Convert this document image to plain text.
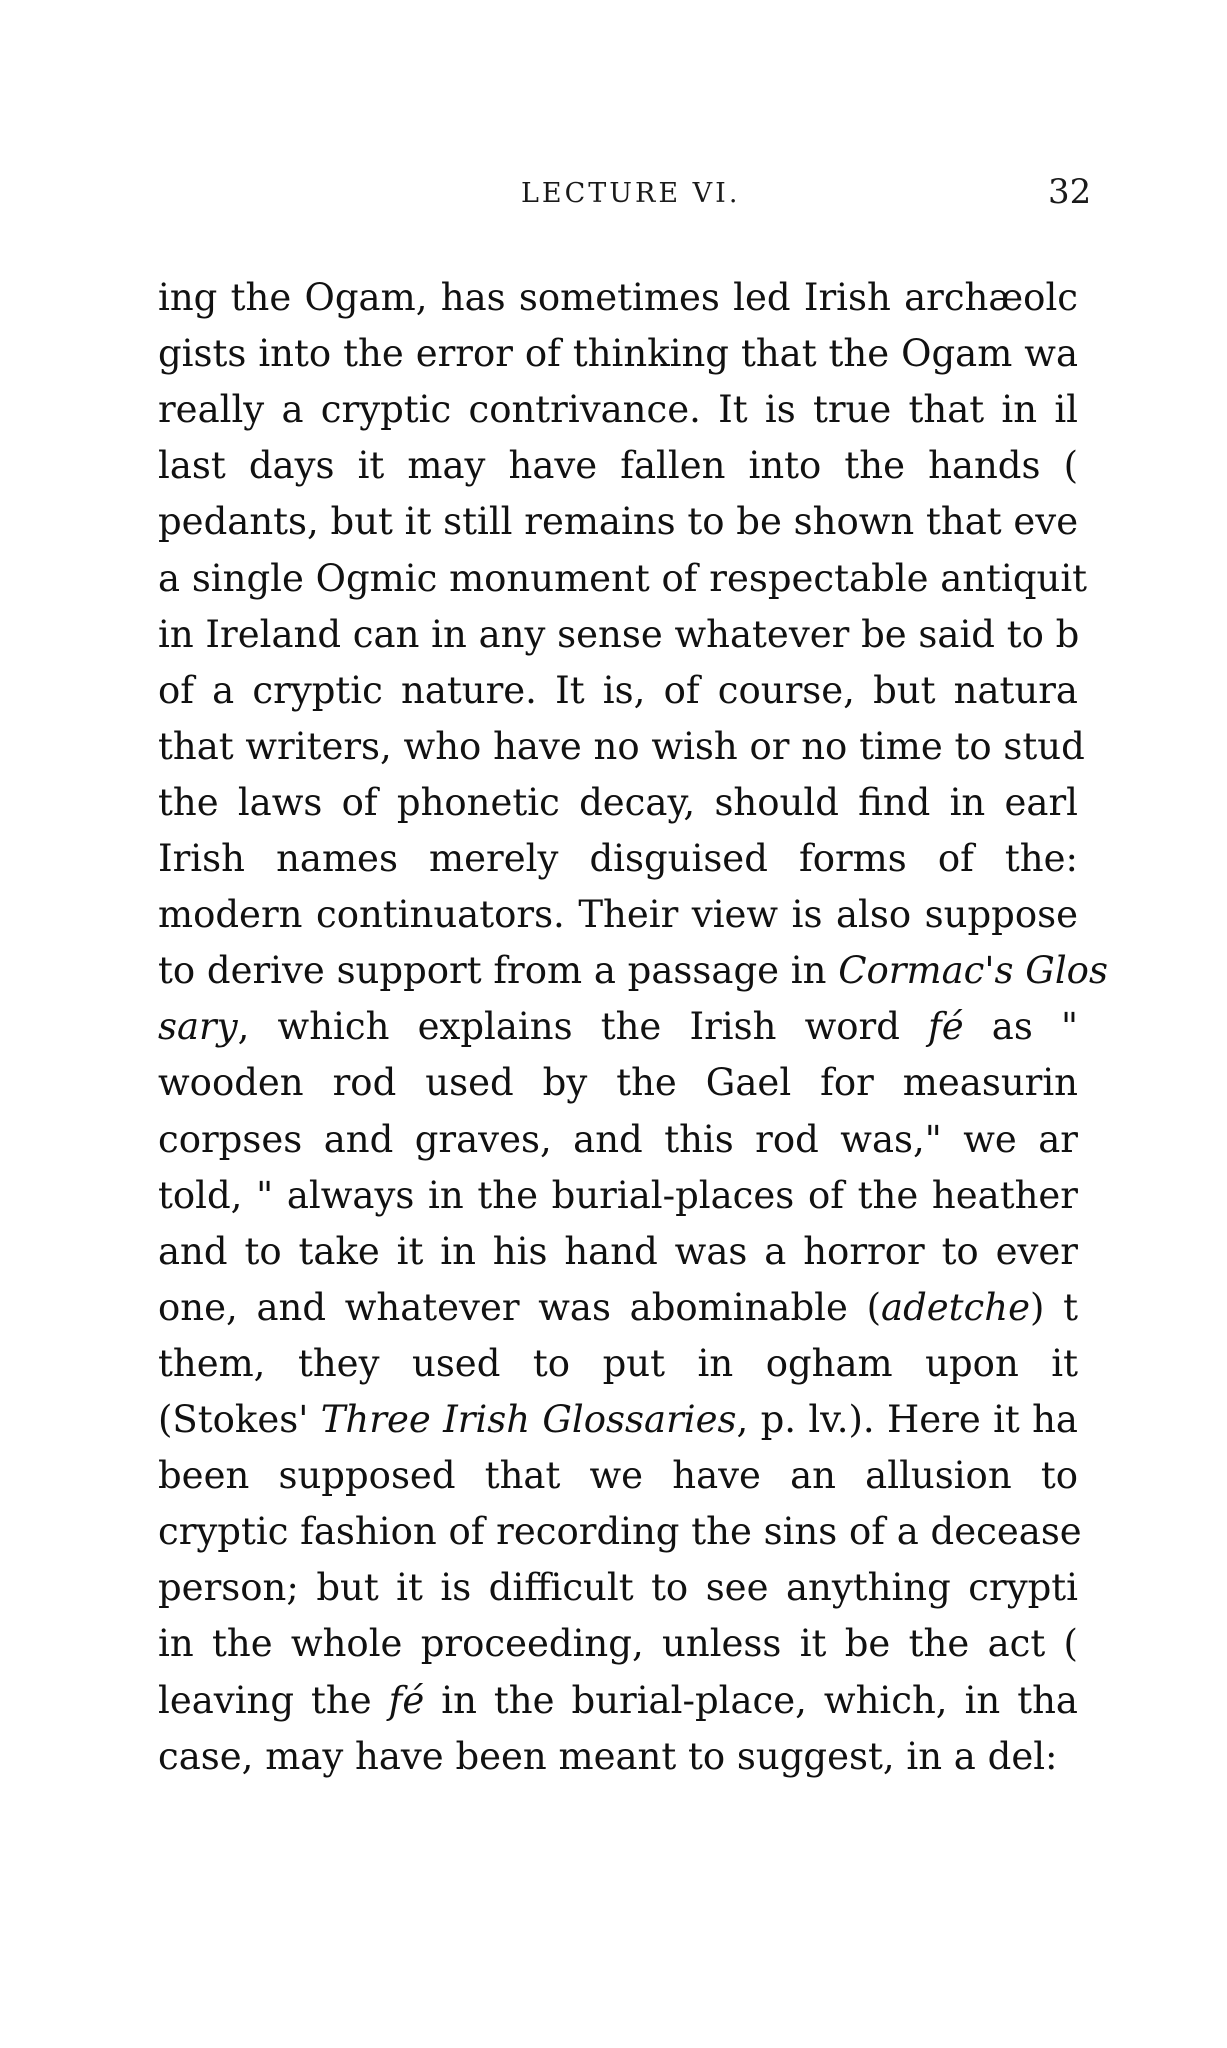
LECTURE VI.	32
ing the Ogam, has sometimes led Irish archæolc
gists into the error of thinking that the Ogam wa
really a cryptic contrivance. It is true that in il
last days it may have fallen into the hands (
pedants, but it still remains to be shown that eve
a single Ogmic monument of respectable antiquit
in Ireland can in any sense whatever be said to b
of a cryptic nature. It is, of course, but natura
that writers, who have no wish or no time to stud
the laws of phonetic decay, should find in earl
Irish names merely disguised forms of the:
modern continuators. Their view is also suppose
to derive support from a passage in Cormac's Glos
sary, which explains the Irish word fé as "
wooden rod used by the Gael for measurin
corpses and graves, and this rod was," we ar
told, " always in the burial-places of the heather
and to take it in his hand was a horror to ever
one, and whatever was abominable (adetche) t
them, they used to put in ogham upon it
(Stokes' Three Irish Glossaries, p. lv.). Here it ha
been supposed that we have an allusion to
cryptic fashion of recording the sins of a decease
person; but it is difficult to see anything crypti
in the whole proceeding, unless it be the act (
leaving the fé in the burial-place, which, in tha
case, may have been meant to suggest, in a del:
